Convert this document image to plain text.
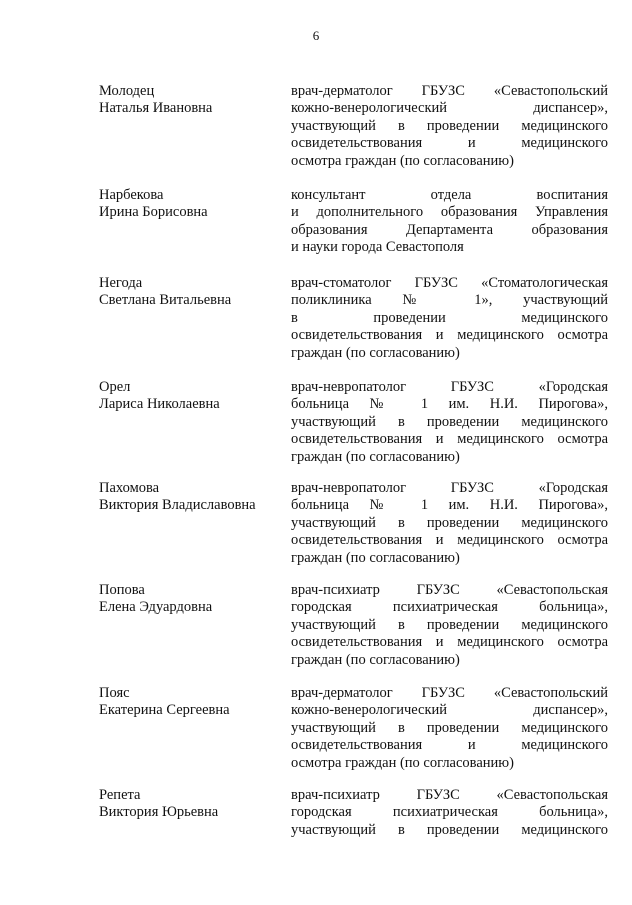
6
Молодец
Наталья Ивановна
врач-дерматолог ГБУЗС «Севастопольский
кожно-венерологический диспансер»,
участвующий в проведении медицинского
освидетельствования и медицинского
осмотра граждан (по согласованию)
Нарбекова
Ирина Борисовна
консультант отдела воспитания
и дополнительного образования Управления
образования Департамента образования
и науки города Севастополя
Негода
Светлана Витальевна
врач-стоматолог ГБУЗС «Стоматологическая
поликлиника № 1», участвующий
в проведении медицинского
освидетельствования и медицинского осмотра
граждан (по согласованию)
Орел
Лариса Николаевна
врач-невропатолог ГБУЗС «Городская
больница № 1 им. Н.И. Пирогова»,
участвующий в проведении медицинского
освидетельствования и медицинского осмотра
граждан (по согласованию)
Пахомова
Виктория Владиславовна
врач-невропатолог ГБУЗС «Городская
больница № 1 им. Н.И. Пирогова»,
участвующий в проведении медицинского
освидетельствования и медицинского осмотра
граждан (по согласованию)
Попова
Елена Эдуардовна
врач-психиатр ГБУЗС «Севастопольская
городская психиатрическая больница»,
участвующий в проведении медицинского
освидетельствования и медицинского осмотра
граждан (по согласованию)
Пояс
Екатерина Сергеевна
врач-дерматолог ГБУЗС «Севастопольский
кожно-венерологический диспансер»,
участвующий в проведении медицинского
освидетельствования и медицинского
осмотра граждан (по согласованию)
Репета
Виктория Юрьевна
врач-психиатр ГБУЗС «Севастопольская
городская психиатрическая больница»,
участвующий в проведении медицинского
